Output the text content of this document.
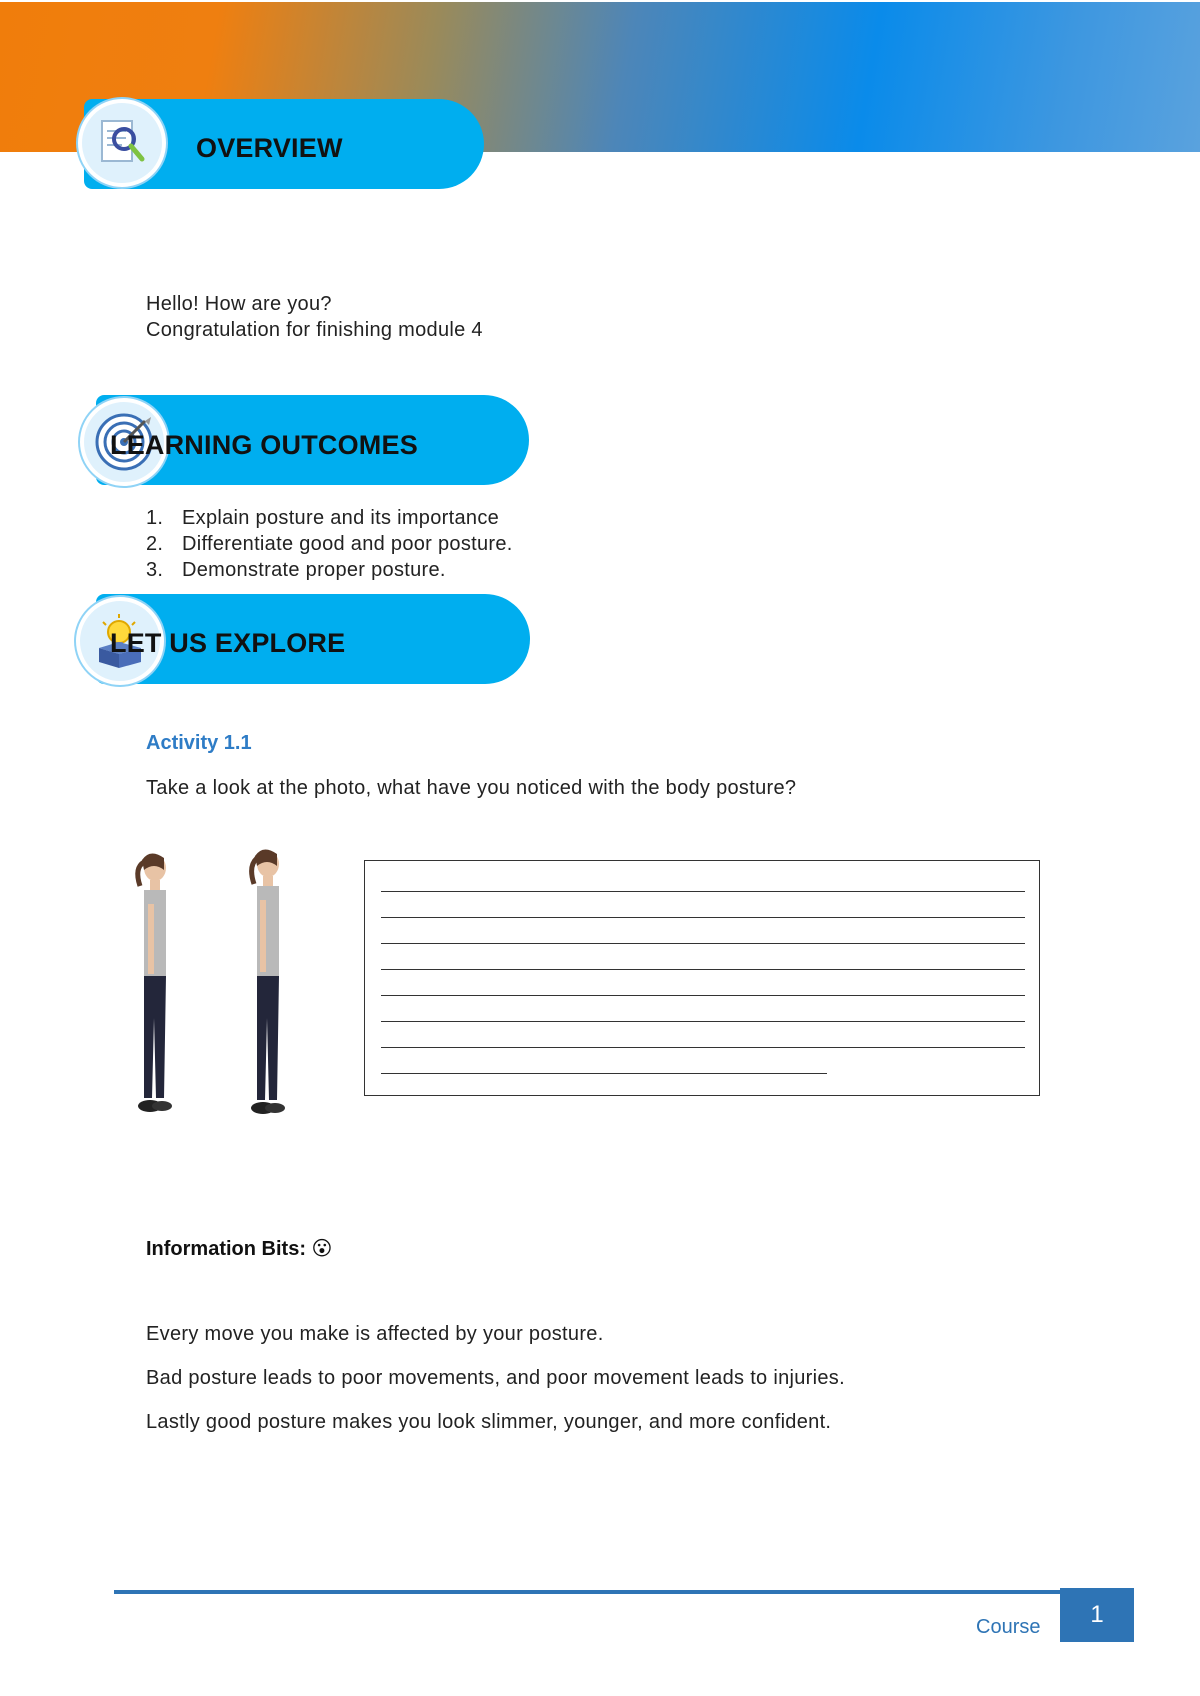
OVERVIEW
Hello! How are you?
Congratulation for finishing module 4
LEARNING OUTCOMES
1. Explain posture and its importance
2. Differentiate good and poor posture.
3. Demonstrate proper posture.
LET US EXPLORE
Activity 1.1
Take a look at the photo, what have you noticed with the body posture?
Information Bits: 😮
Every move you make is affected by your posture.
Bad posture leads to poor movements, and poor movement leads to injuries.
Lastly good posture makes you look slimmer, younger, and more confident.
Course	1
